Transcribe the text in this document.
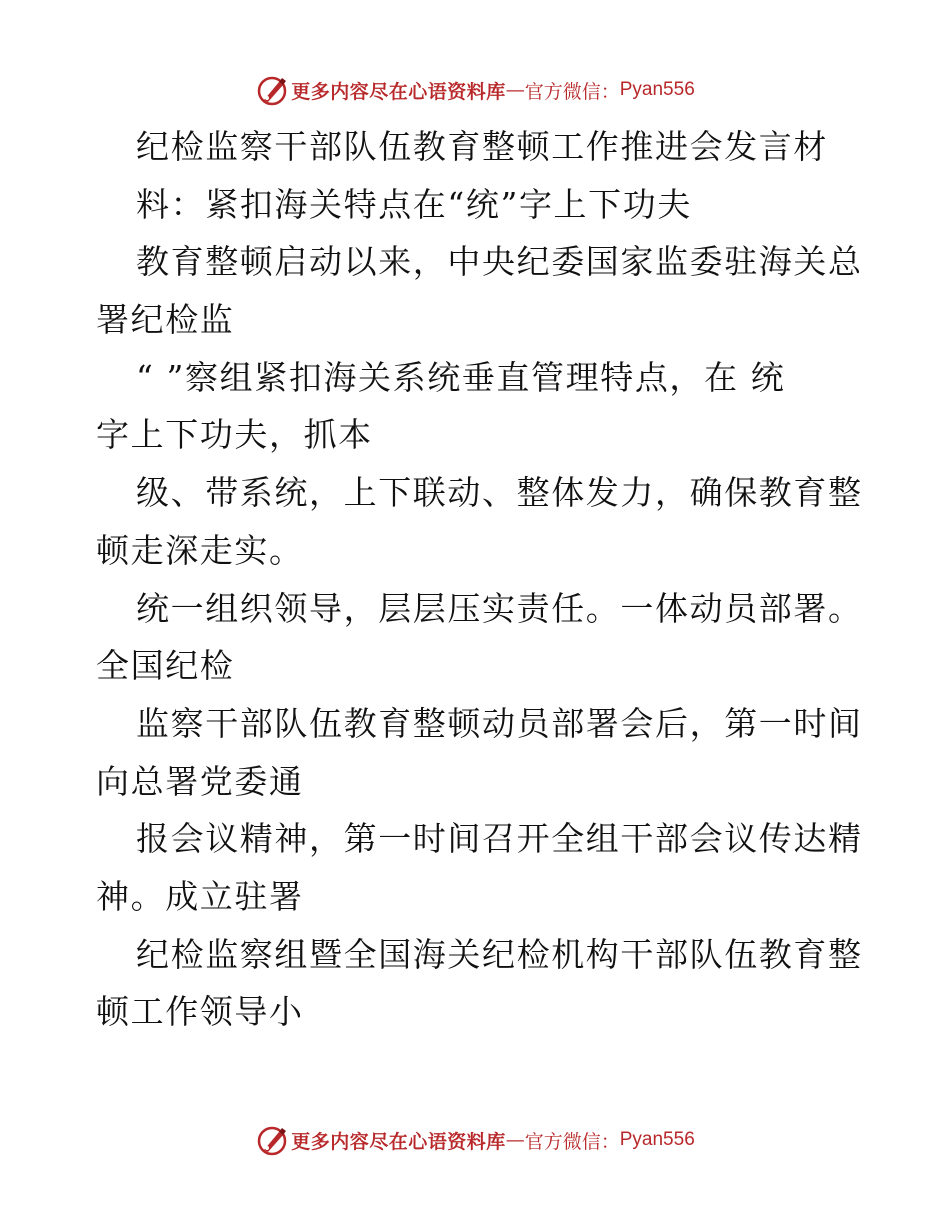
更多内容尽在心语资料库 — 官方微信： Pyan556
纪检监察干部队伍教育整顿工作推进会发言材
料：紧扣海关特点在“统”字上下功夫
教育整顿启动以来，中央纪委国家监委驻海关总
署纪检监
“ ”察组紧扣海关系统垂直管理特点，在 统
字上下功夫，抓本
级、带系统，上下联动、整体发力，确保教育整
顿走深走实。
统一组织领导，层层压实责任。一体动员部署。
全国纪检
监察干部队伍教育整顿动员部署会后，第一时间
向总署党委通
报会议精神，第一时间召开全组干部会议传达精
神。成立驻署
纪检监察组暨全国海关纪检机构干部队伍教育整
顿工作领导小
更多内容尽在心语资料库 — 官方微信： Pyan556
